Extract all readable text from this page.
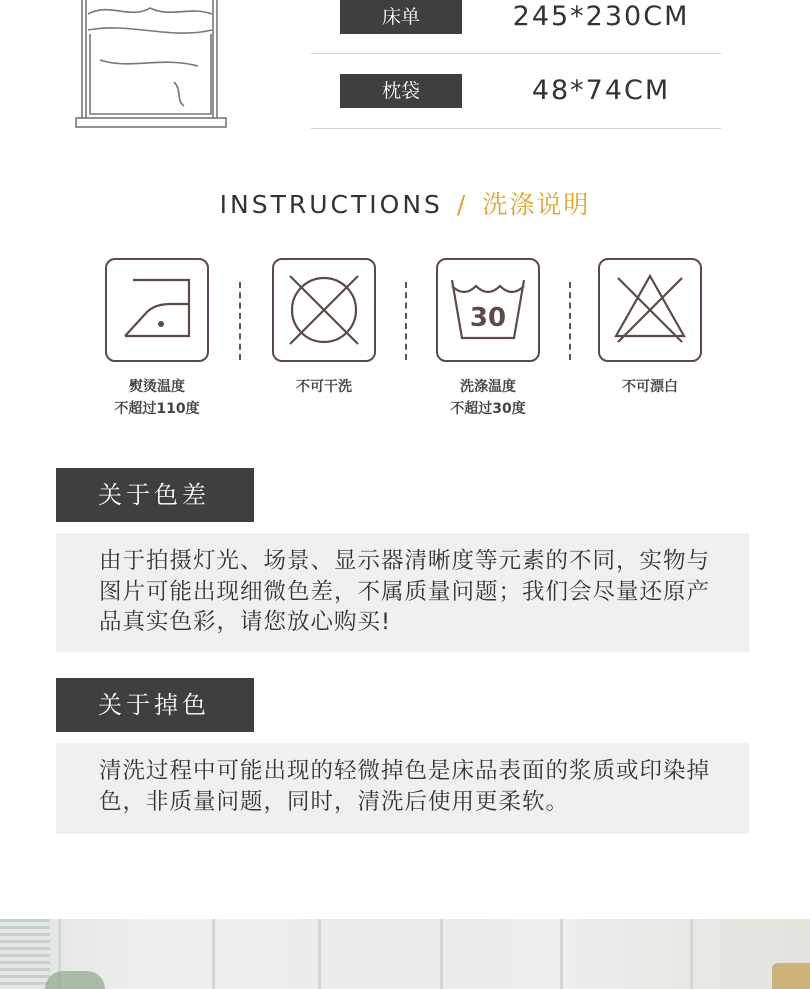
床单	245*230CM
枕袋	48*74CM
INSTRUCTIONS / 洗涤说明
熨烫温度
不超过110度
不可干洗
30
洗涤温度
不超过30度
不可漂白
关于色差
由于拍摄灯光、场景、显示器清晰度等元素的不同，实物与图片可能出现细微色差，不属质量问题；我们会尽量还原产品真实色彩，请您放心购买!
关于掉色
清洗过程中可能出现的轻微掉色是床品表面的浆质或印染掉色，非质量问题，同时，清洗后使用更柔软。
